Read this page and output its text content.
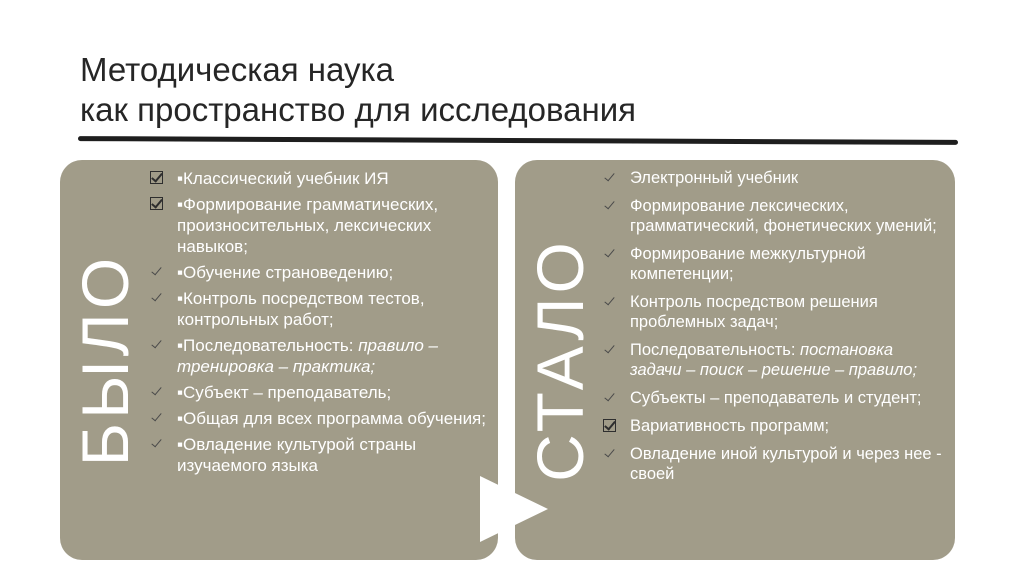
Методическая наука
как пространство для исследования
БЫЛО
▪Классический учебник ИЯ
▪Формирование грамматических, произносительных, лексических навыков;
▪Обучение страноведению;
▪Контроль посредством тестов, контрольных работ;
▪Последовательность: правило – тренировка – практика;
▪Субъект – преподаватель;
▪Общая для всех программа обучения;
▪Овладение культурой страны изучаемого языка	СТАЛО
Электронный учебник
Формирование лексических, грамматический, фонетических умений;
Формирование межкультурной компетенции;
Контроль посредством решения проблемных задач;
Последовательность: постановка задачи – поиск – решение – правило;
Субъекты – преподаватель и студент;
Вариативность программ;
Овладение иной культурой и через нее - своей
